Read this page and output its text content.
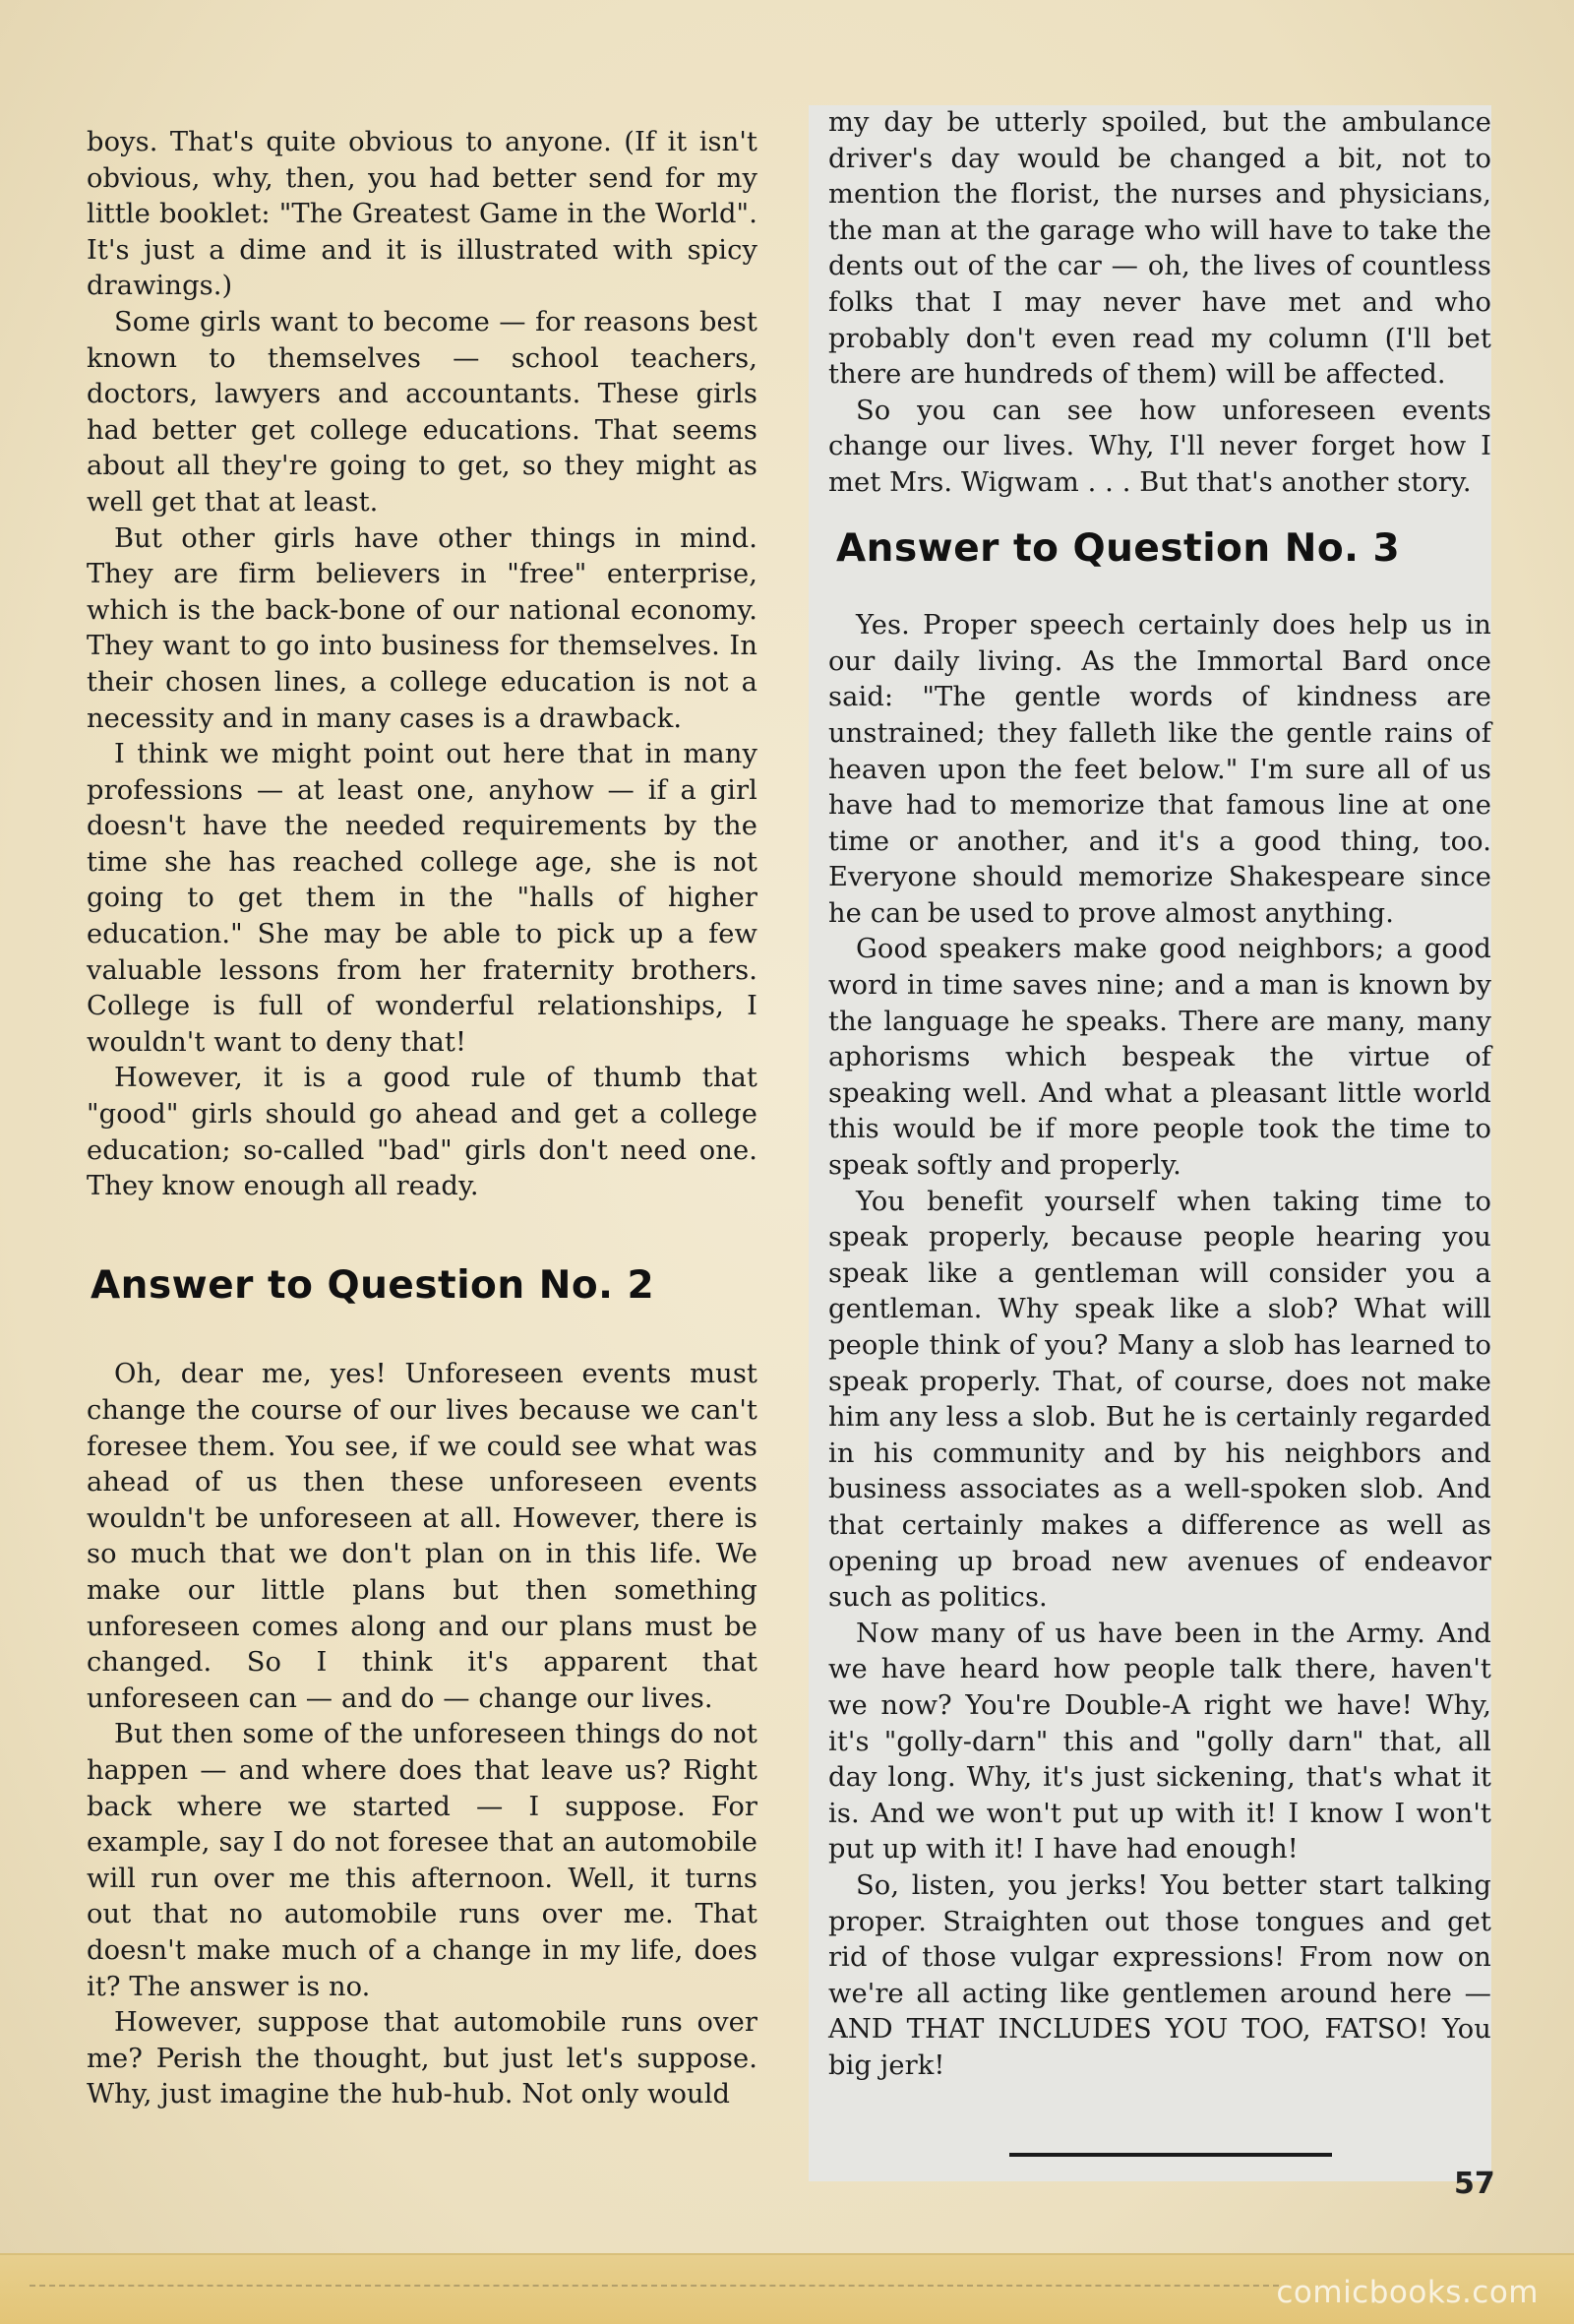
boys. That's quite obvious to anyone. (If it isn't obvious, why, then, you had better send for my little booklet: "The Greatest Game in the World". It's just a dime and it is illustrated with spicy drawings.)

Some girls want to become — for reasons best known to themselves — school teachers, doctors, lawyers and accountants. These girls had better get college educations. That seems about all they're going to get, so they might as well get that at least.

But other girls have other things in mind. They are firm believers in "free" enterprise, which is the back-bone of our national economy. They want to go into business for themselves. In their chosen lines, a college education is not a necessity and in many cases is a drawback.

I think we might point out here that in many professions — at least one, anyhow — if a girl doesn't have the needed requirements by the time she has reached college age, she is not going to get them in the "halls of higher education." She may be able to pick up a few valuable lessons from her fraternity brothers. College is full of wonderful relationships, I wouldn't want to deny that!

However, it is a good rule of thumb that "good" girls should go ahead and get a college education; so-called "bad" girls don't need one. They know enough all ready.

Answer to Question No. 2

Oh, dear me, yes! Unforeseen events must change the course of our lives because we can't foresee them. You see, if we could see what was ahead of us then these unforeseen events wouldn't be unforeseen at all. However, there is so much that we don't plan on in this life. We make our little plans but then something unforeseen comes along and our plans must be changed. So I think it's apparent that unforeseen can — and do — change our lives.

But then some of the unforeseen things do not happen — and where does that leave us? Right back where we started — I suppose. For example, say I do not foresee that an automobile will run over me this afternoon. Well, it turns out that no automobile runs over me. That doesn't make much of a change in my life, does it? The answer is no.

However, suppose that automobile runs over me? Perish the thought, but just let's suppose. Why, just imagine the hub-hub. Not only would

my day be utterly spoiled, but the ambulance driver's day would be changed a bit, not to mention the florist, the nurses and physicians, the man at the garage who will have to take the dents out of the car — oh, the lives of countless folks that I may never have met and who probably don't even read my column (I'll bet there are hundreds of them) will be affected.

So you can see how unforeseen events change our lives. Why, I'll never forget how I met Mrs. Wigwam . . . But that's another story.

Answer to Question No. 3

Yes. Proper speech certainly does help us in our daily living. As the Immortal Bard once said: "The gentle words of kindness are unstrained; they falleth like the gentle rains of heaven upon the feet below." I'm sure all of us have had to memorize that famous line at one time or another, and it's a good thing, too. Everyone should memorize Shakespeare since he can be used to prove almost anything.

Good speakers make good neighbors; a good word in time saves nine; and a man is known by the language he speaks. There are many, many aphorisms which bespeak the virtue of speaking well. And what a pleasant little world this would be if more people took the time to speak softly and properly.

You benefit yourself when taking time to speak properly, because people hearing you speak like a gentleman will consider you a gentleman. Why speak like a slob? What will people think of you? Many a slob has learned to speak properly. That, of course, does not make him any less a slob. But he is certainly regarded in his community and by his neighbors and business associates as a well-spoken slob. And that certainly makes a difference as well as opening up broad new avenues of endeavor such as politics.

Now many of us have been in the Army. And we have heard how people talk there, haven't we now? You're Double-A right we have! Why, it's "golly-darn" this and "golly darn" that, all day long. Why, it's just sickening, that's what it is. And we won't put up with it! I know I won't put up with it! I have had enough!

So, listen, you jerks! You better start talking proper. Straighten out those tongues and get rid of those vulgar expressions! From now on we're all acting like gentlemen around here — AND THAT INCLUDES YOU TOO, FATSO! You big jerk!

57
comicbooks.com
